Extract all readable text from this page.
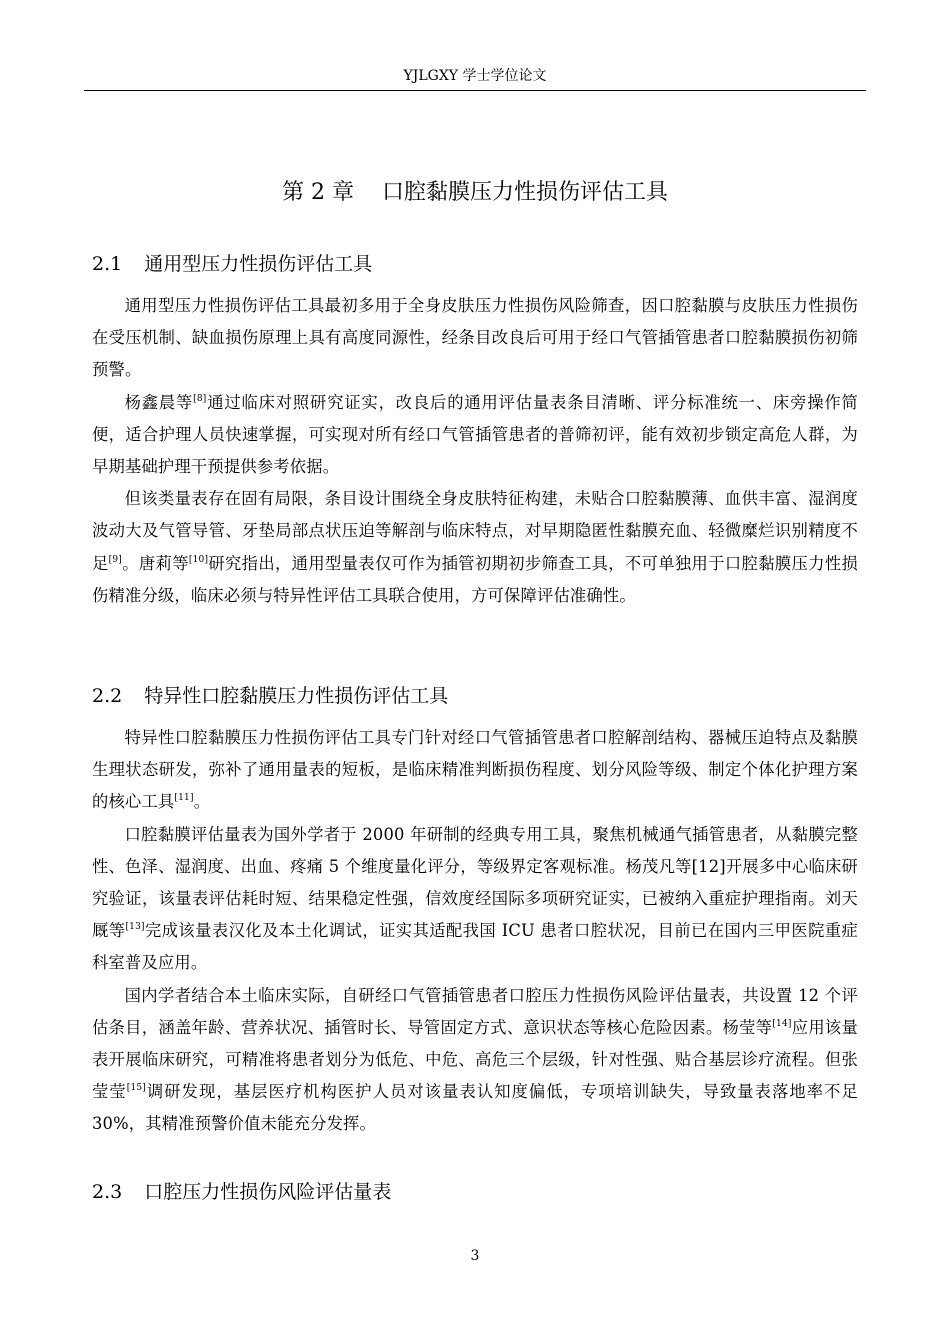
YJLGXY 学士学位论文
第 2 章 口腔黏膜压力性损伤评估工具
2.1 通用型压力性损伤评估工具

通用型压力性损伤评估工具最初多用于全身皮肤压力性损伤风险筛查，因口腔黏膜与皮肤压力性损伤在受压机制、缺血损伤原理上具有高度同源性，经条目改良后可用于经口气管插管患者口腔黏膜损伤初筛预警。

杨鑫晨等[8]通过临床对照研究证实，改良后的通用评估量表条目清晰、评分标准统一、床旁操作简便，适合护理人员快速掌握，可实现对所有经口气管插管患者的普筛初评，能有效初步锁定高危人群，为早期基础护理干预提供参考依据。

但该类量表存在固有局限，条目设计围绕全身皮肤特征构建，未贴合口腔黏膜薄、血供丰富、湿润度波动大及气管导管、牙垫局部点状压迫等解剖与临床特点，对早期隐匿性黏膜充血、轻微糜烂识别精度不足[9]。唐莉等[10]研究指出，通用型量表仅可作为插管初期初步筛查工具，不可单独用于口腔黏膜压力性损伤精准分级，临床必须与特异性评估工具联合使用，方可保障评估准确性。

2.2 特异性口腔黏膜压力性损伤评估工具

特异性口腔黏膜压力性损伤评估工具专门针对经口气管插管患者口腔解剖结构、器械压迫特点及黏膜生理状态研发，弥补了通用量表的短板，是临床精准判断损伤程度、划分风险等级、制定个体化护理方案的核心工具[11]。

口腔黏膜评估量表为国外学者于 2000 年研制的经典专用工具，聚焦机械通气插管患者，从黏膜完整性、色泽、湿润度、出血、疼痛 5 个维度量化评分，等级界定客观标准。杨茂凡等[12]开展多中心临床研究验证，该量表评估耗时短、结果稳定性强，信效度经国际多项研究证实，已被纳入重症护理指南。刘天厩等[13]完成该量表汉化及本土化调试，证实其适配我国 ICU 患者口腔状况，目前已在国内三甲医院重症科室普及应用。

国内学者结合本土临床实际，自研经口气管插管患者口腔压力性损伤风险评估量表，共设置 12 个评估条目，涵盖年龄、营养状况、插管时长、导管固定方式、意识状态等核心危险因素。杨莹等[14]应用该量表开展临床研究，可精准将患者划分为低危、中危、高危三个层级，针对性强、贴合基层诊疗流程。但张莹莹[15]调研发现，基层医疗机构医护人员对该量表认知度偏低，专项培训缺失，导致量表落地率不足 30%，其精准预警价值未能充分发挥。

2.3 口腔压力性损伤风险评估量表
3
